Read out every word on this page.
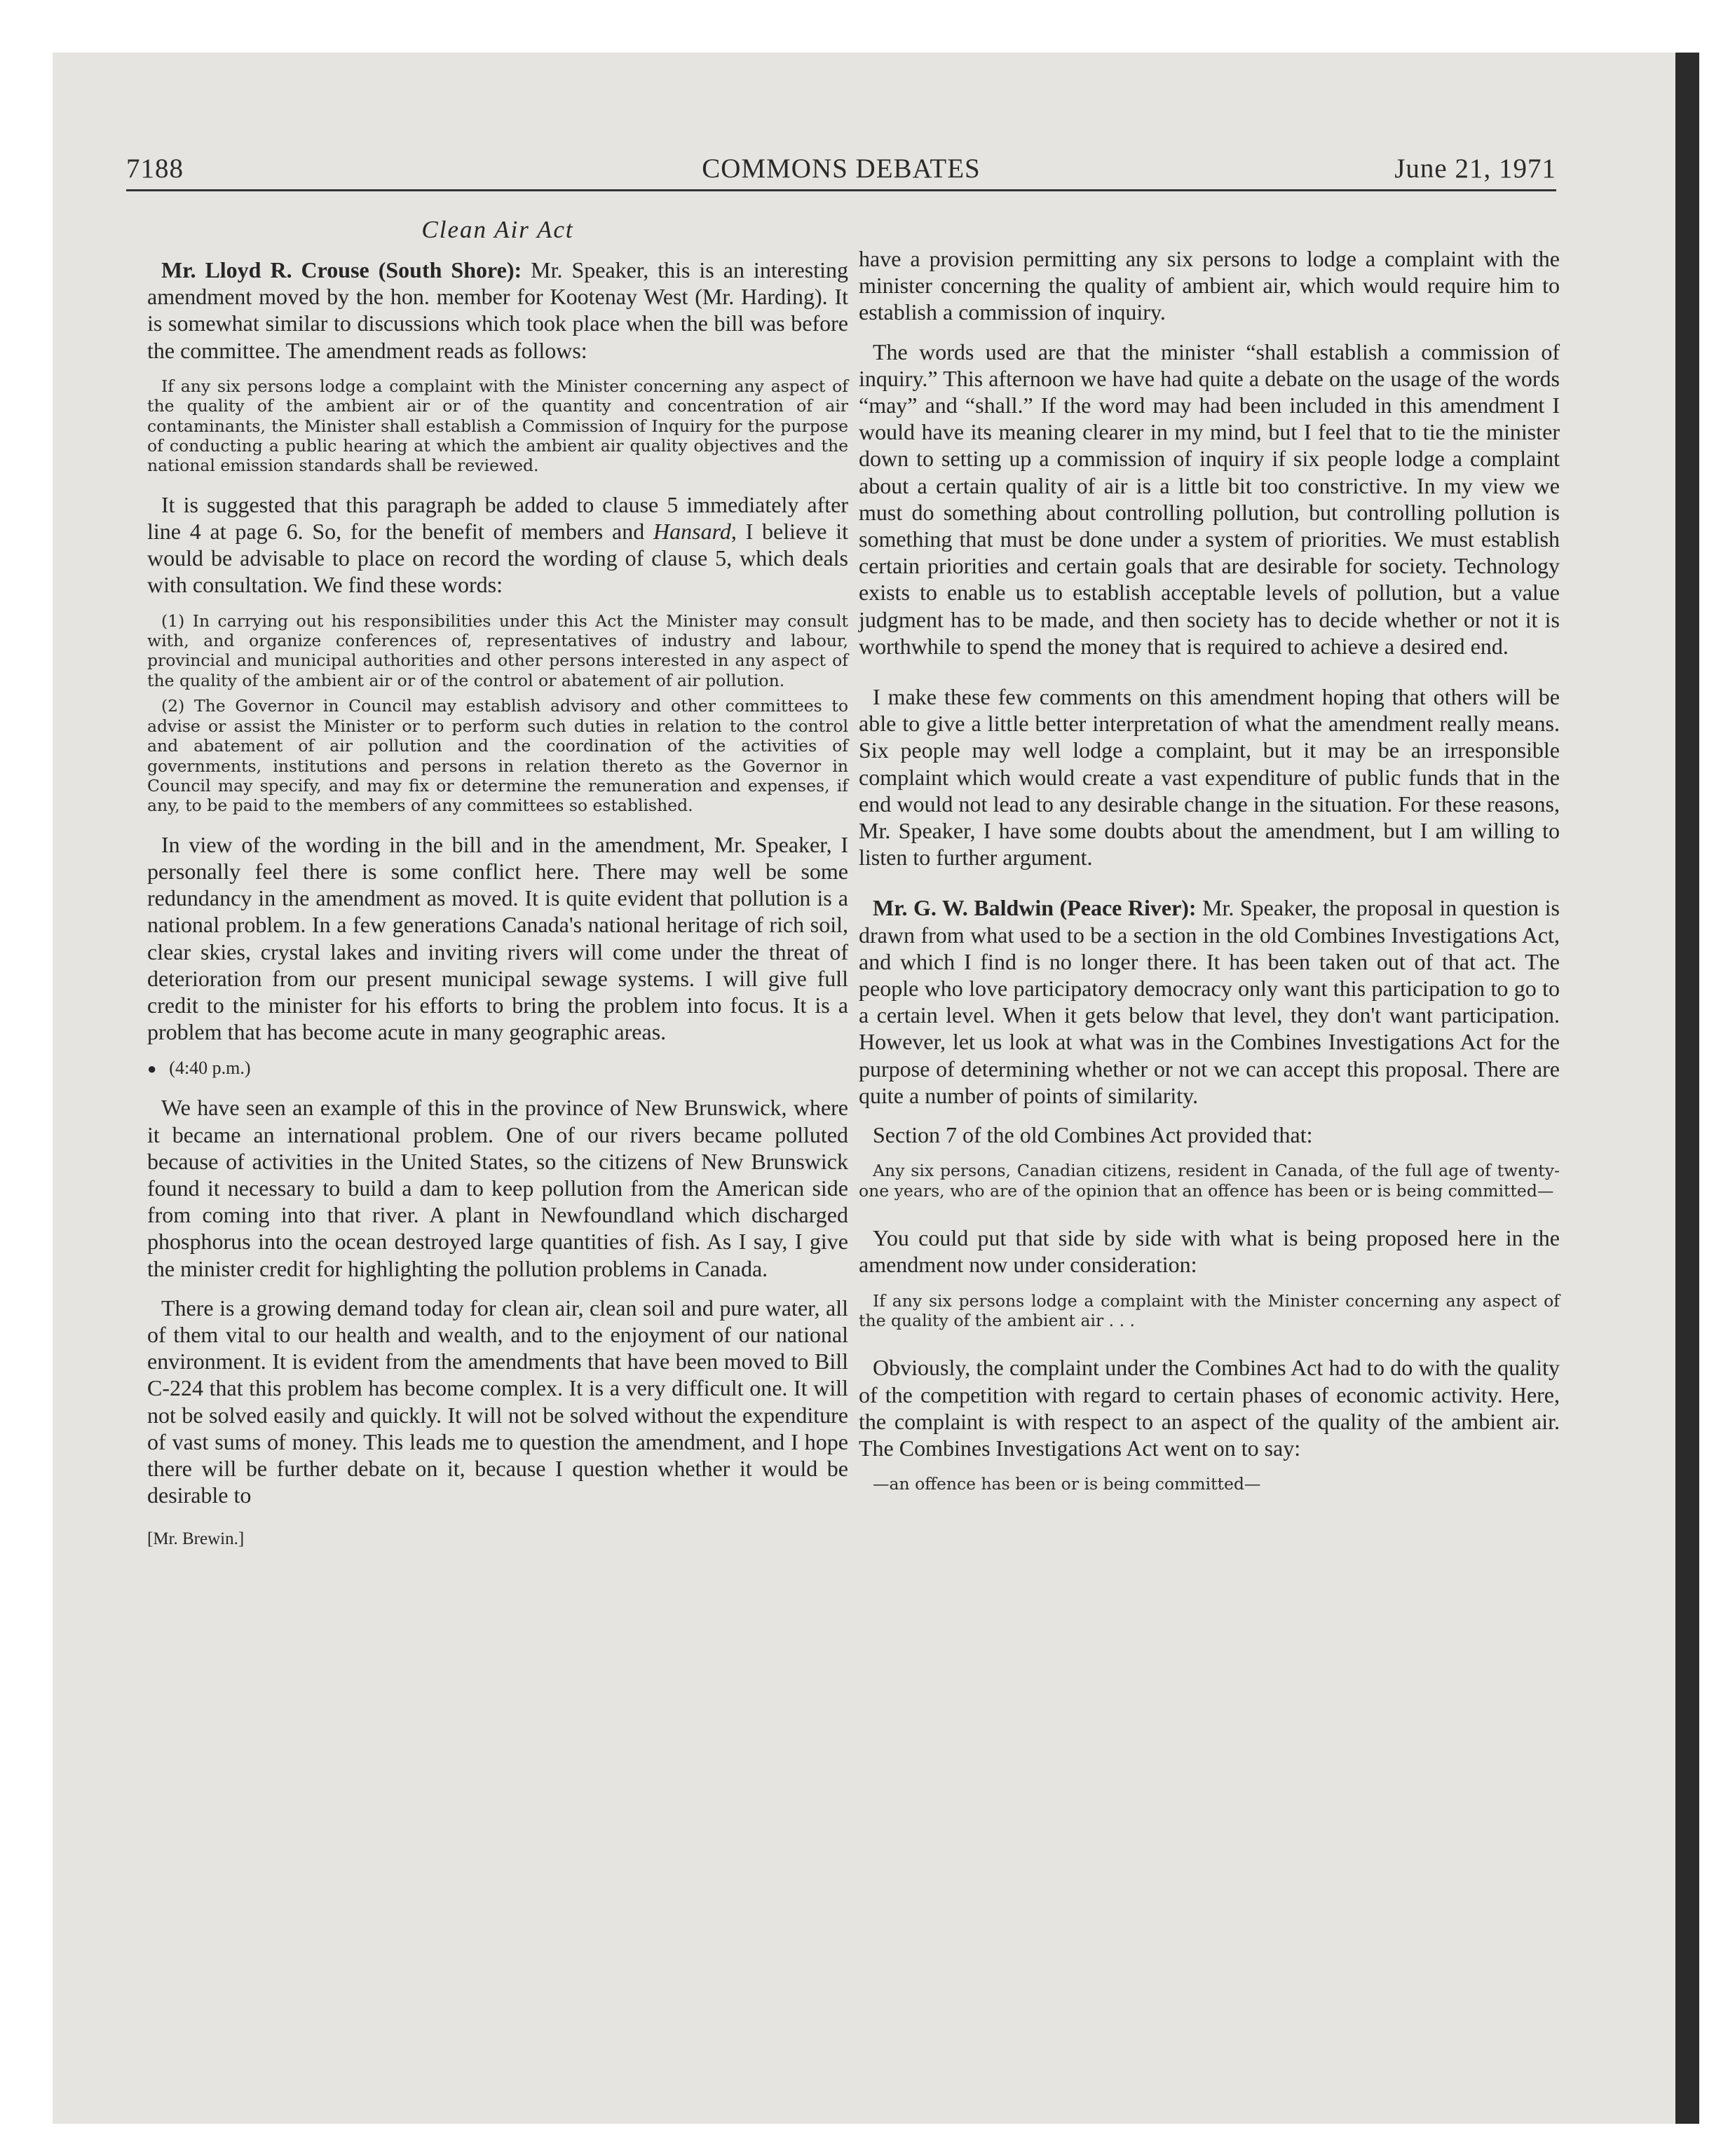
7188	COMMONS DEBATES	June 21, 1971
Clean Air Act

Mr. Lloyd R. Crouse (South Shore): Mr. Speaker, this is an interesting amendment moved by the hon. member for Kootenay West (Mr. Harding). It is somewhat similar to discussions which took place when the bill was before the committee. The amendment reads as follows:

If any six persons lodge a complaint with the Minister concerning any aspect of the quality of the ambient air or of the quantity and concentration of air contaminants, the Minister shall establish a Commission of Inquiry for the purpose of conducting a public hearing at which the ambient air quality objectives and the national emission standards shall be reviewed.

It is suggested that this paragraph be added to clause 5 immediately after line 4 at page 6. So, for the benefit of members and Hansard, I believe it would be advisable to place on record the wording of clause 5, which deals with consultation. We find these words:

(1) In carrying out his responsibilities under this Act the Minister may consult with, and organize conferences of, representatives of industry and labour, provincial and municipal authorities and other persons interested in any aspect of the quality of the ambient air or of the control or abatement of air pollution.

(2) The Governor in Council may establish advisory and other committees to advise or assist the Minister or to perform such duties in relation to the control and abatement of air pollution and the coordination of the activities of governments, institutions and persons in relation thereto as the Governor in Council may specify, and may fix or determine the remuneration and expenses, if any, to be paid to the members of any committees so established.

In view of the wording in the bill and in the amendment, Mr. Speaker, I personally feel there is some conflict here. There may well be some redundancy in the amendment as moved. It is quite evident that pollution is a national problem. In a few generations Canada's national heritage of rich soil, clear skies, crystal lakes and inviting rivers will come under the threat of deterioration from our present municipal sewage systems. I will give full credit to the minister for his efforts to bring the problem into focus. It is a problem that has become acute in many geographic areas.

● (4:40 p.m.)

We have seen an example of this in the province of New Brunswick, where it became an international problem. One of our rivers became polluted because of activities in the United States, so the citizens of New Brunswick found it necessary to build a dam to keep pollution from the American side from coming into that river. A plant in Newfoundland which discharged phosphorus into the ocean destroyed large quantities of fish. As I say, I give the minister credit for highlighting the pollution problems in Canada.

There is a growing demand today for clean air, clean soil and pure water, all of them vital to our health and wealth, and to the enjoyment of our national environment. It is evident from the amendments that have been moved to Bill C-224 that this problem has become complex. It is a very difficult one. It will not be solved easily and quickly. It will not be solved without the expenditure of vast sums of money. This leads me to question the amendment, and I hope there will be further debate on it, because I question whether it would be desirable to

[Mr. Brewin.]

have a provision permitting any six persons to lodge a complaint with the minister concerning the quality of ambient air, which would require him to establish a commission of inquiry.

The words used are that the minister “shall establish a commission of inquiry.” This afternoon we have had quite a debate on the usage of the words “may” and “shall.” If the word may had been included in this amendment I would have its meaning clearer in my mind, but I feel that to tie the minister down to setting up a commission of inquiry if six people lodge a complaint about a certain quality of air is a little bit too constrictive. In my view we must do something about controlling pollution, but controlling pollution is something that must be done under a system of priorities. We must establish certain priorities and certain goals that are desirable for society. Technology exists to enable us to establish acceptable levels of pollution, but a value judgment has to be made, and then society has to decide whether or not it is worthwhile to spend the money that is required to achieve a desired end.

I make these few comments on this amendment hoping that others will be able to give a little better interpretation of what the amendment really means. Six people may well lodge a complaint, but it may be an irresponsible complaint which would create a vast expenditure of public funds that in the end would not lead to any desirable change in the situation. For these reasons, Mr. Speaker, I have some doubts about the amendment, but I am willing to listen to further argument.

Mr. G. W. Baldwin (Peace River): Mr. Speaker, the proposal in question is drawn from what used to be a section in the old Combines Investigations Act, and which I find is no longer there. It has been taken out of that act. The people who love participatory democracy only want this participation to go to a certain level. When it gets below that level, they don't want participation. However, let us look at what was in the Combines Investigations Act for the purpose of determining whether or not we can accept this proposal. There are quite a number of points of similarity.

Section 7 of the old Combines Act provided that:

Any six persons, Canadian citizens, resident in Canada, of the full age of twenty-one years, who are of the opinion that an offence has been or is being committed—

You could put that side by side with what is being proposed here in the amendment now under consideration:

If any six persons lodge a complaint with the Minister concerning any aspect of the quality of the ambient air . . .

Obviously, the complaint under the Combines Act had to do with the quality of the competition with regard to certain phases of economic activity. Here, the complaint is with respect to an aspect of the quality of the ambient air. The Combines Investigations Act went on to say:

—an offence has been or is being committed—
